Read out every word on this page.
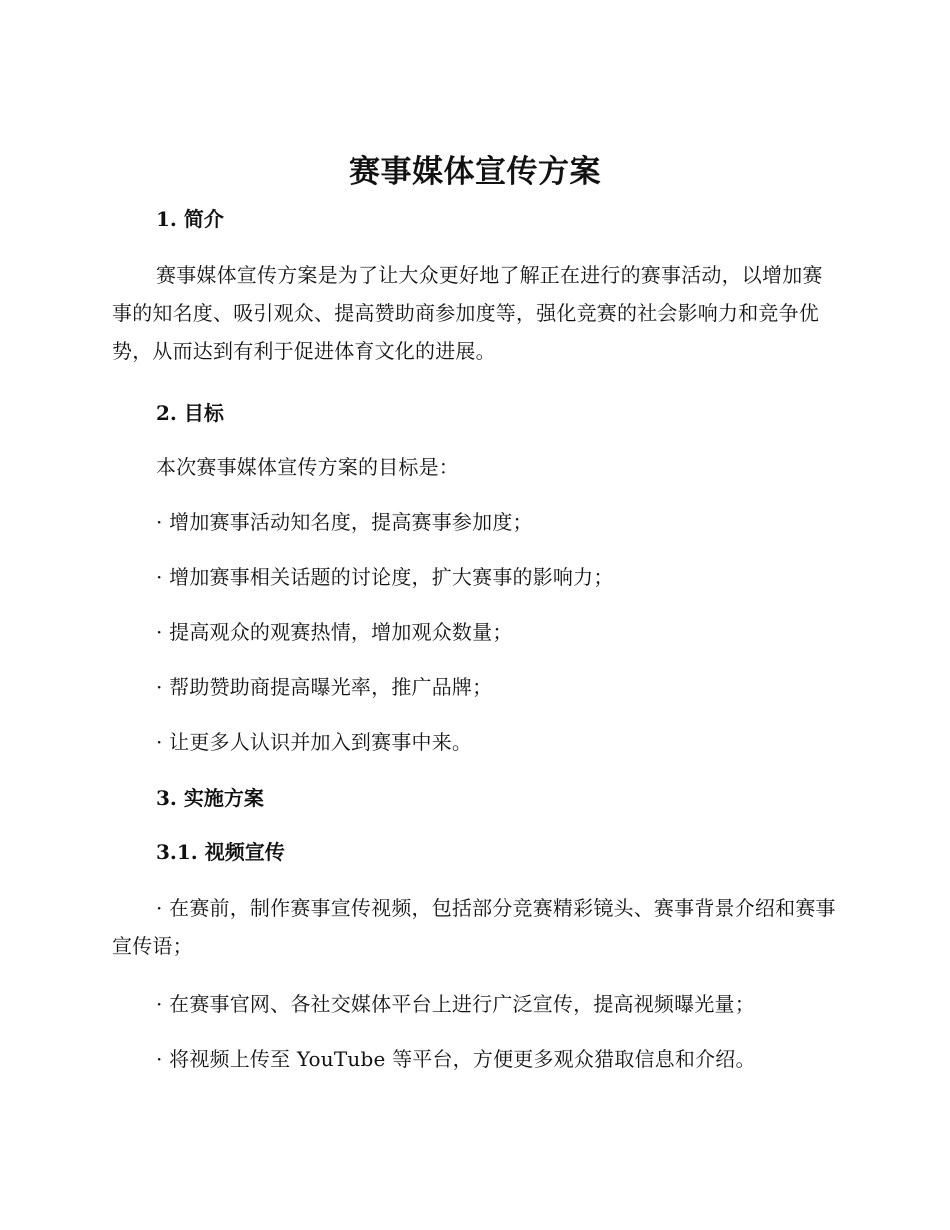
赛事媒体宣传方案
1. 简介
赛事媒体宣传方案是为了让大众更好地了解正在进行的赛事活动，以增加赛事的知名度、吸引观众、提高赞助商参加度等，强化竞赛的社会影响力和竞争优势，从而达到有利于促进体育文化的进展。
2. 目标
本次赛事媒体宣传方案的目标是：
· 增加赛事活动知名度，提高赛事参加度；
· 增加赛事相关话题的讨论度，扩大赛事的影响力；
· 提高观众的观赛热情，增加观众数量；
· 帮助赞助商提高曝光率，推广品牌；
· 让更多人认识并加入到赛事中来。
3. 实施方案
3.1. 视频宣传
· 在赛前，制作赛事宣传视频，包括部分竞赛精彩镜头、赛事背景介绍和赛事宣传语；
· 在赛事官网、各社交媒体平台上进行广泛宣传，提高视频曝光量；
· 将视频上传至 YouTube 等平台，方便更多观众猎取信息和介绍。
